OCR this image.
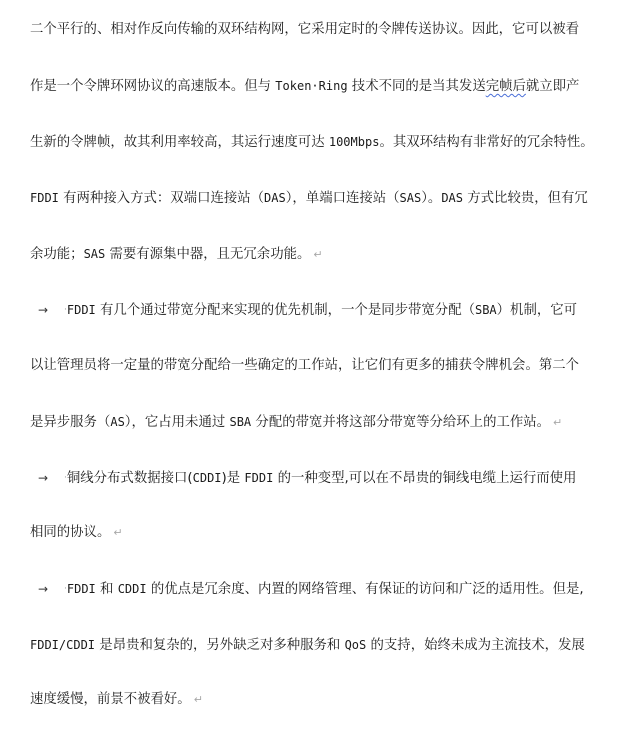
二个平行的、相对作反向传输的双环结构网，它采用定时的令牌传送协议。因此，它可以被看
作是一个令牌环网协议的高速版本。但与 Token·Ring 技术不同的是当其发送完帧后就立即产
生新的令牌帧，故其利用率较高，其运行速度可达 100Mbps。其双环结构有非常好的冗余特性。
FDDI 有两种接入方式：双端口连接站（DAS），单端口连接站（SAS）。DAS 方式比较贵，但有冗
余功能；SAS 需要有源集中器，且无冗余功能。 ↵
→ ·FDDI 有几个通过带宽分配来实现的优先机制，一个是同步带宽分配（SBA）机制，它可
以让管理员将一定量的带宽分配给一些确定的工作站，让它们有更多的捕获令牌机会。第二个
是异步服务（AS），它占用未通过 SBA 分配的带宽并将这部分带宽等分给环上的工作站。 ↵
→ ·铜线分布式数据接口(CDDI)是 FDDI 的一种变型,可以在不昂贵的铜线电缆上运行而使用
相同的协议。 ↵
→ ·FDDI 和 CDDI 的优点是冗余度、内置的网络管理、有保证的访问和广泛的适用性。但是,
FDDI/CDDI 是昂贵和复杂的，另外缺乏对多种服务和 QoS 的支持，始终未成为主流技术，发展
速度缓慢，前景不被看好。 ↵
